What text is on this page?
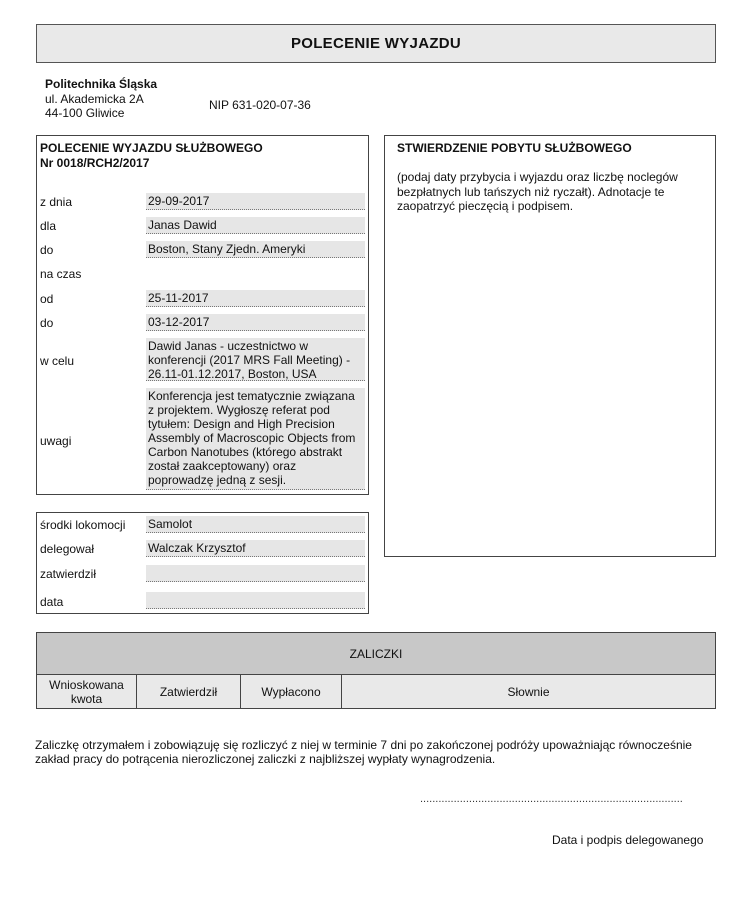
POLECENIE WYJAZDU
Politechnika Śląska
ul. Akademicka 2A
44-100 Gliwice
NIP 631-020-07-36
POLECENIE WYJAZDU SŁUŻBOWEGO
Nr 0018/RCH2/2017
z dnia	29-09-2017
dla	Janas Dawid
do	Boston, Stany Zjedn. Ameryki
na czas
od	25-11-2017
do	03-12-2017
w celu
Dawid Janas - uczestnictwo w konferencji (2017 MRS Fall Meeting) - 26.11-01.12.2017, Boston, USA
uwagi
Konferencja jest tematycznie związana z projektem. Wygłoszę referat pod tytułem: Design and High Precision Assembly of Macroscopic Objects from Carbon Nanotubes (którego abstrakt został zaakceptowany) oraz poprowadzę jedną z sesji.
STWIERDZENIE POBYTU SŁUŻBOWEGO
(podaj daty przybycia i wyjazdu oraz liczbę noclegów bezpłatnych lub tańszych niż ryczałt). Adnotacje te zaopatrzyć pieczęcią i podpisem.
środki lokomocji Samolot
delegował	Walczak Krzysztof
zatwierdził
data
ZALICZKI
Wnioskowana kwota	Zatwierdził	Wypłacono	Słownie
Zaliczkę otrzymałem i zobowiązuję się rozliczyć z niej w terminie 7 dni po zakończonej podróży upoważniając równocześnie zakład pracy do potrącenia nierozliczonej zaliczki z najbliższej wypłaty wynagrodzenia.
......................................................................................
Data i podpis delegowanego
